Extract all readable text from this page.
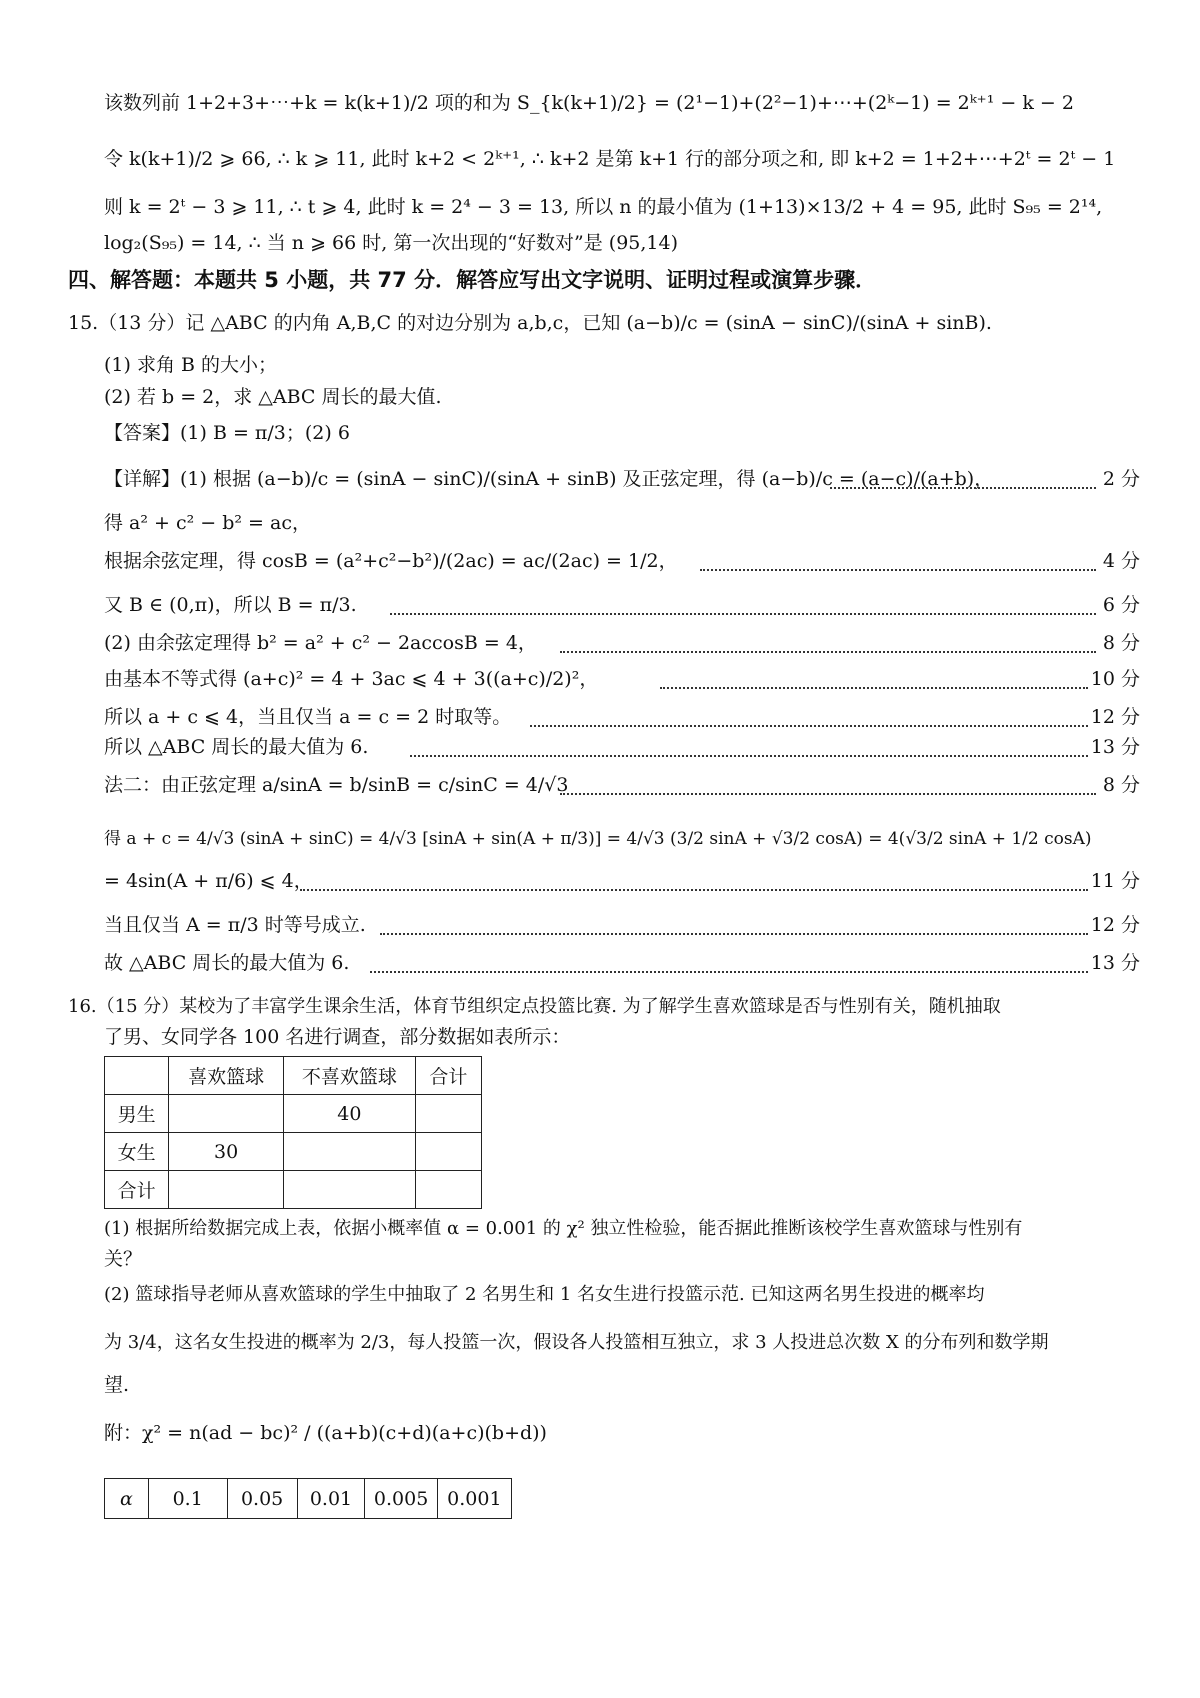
该数列前 1+2+3+⋯+k = k(k+1)/2 项的和为 S_{k(k+1)/2} = (2¹−1)+(2²−1)+⋯+(2ᵏ−1) = 2ᵏ⁺¹ − k − 2
令 k(k+1)/2 ⩾ 66, ∴ k ⩾ 11, 此时 k+2 < 2ᵏ⁺¹, ∴ k+2 是第 k+1 行的部分项之和, 即 k+2 = 1+2+⋯+2ᵗ = 2ᵗ − 1
则 k = 2ᵗ − 3 ⩾ 11, ∴ t ⩾ 4, 此时 k = 2⁴ − 3 = 13, 所以 n 的最小值为 (1+13)×13/2 + 4 = 95, 此时 S₉₅ = 2¹⁴,
log₂(S₉₅) = 14, ∴ 当 n ⩾ 66 时, 第一次出现的“好数对”是 (95,14)
四、解答题：本题共 5 小题，共 77 分．解答应写出文字说明、证明过程或演算步骤．
15.（13 分）记 △ABC 的内角 A,B,C 的对边分别为 a,b,c，已知 (a−b)/c = (sinA − sinC)/(sinA + sinB).
(1) 求角 B 的大小；
(2) 若 b = 2，求 △ABC 周长的最大值.
【答案】(1) B = π/3；(2) 6
【详解】(1) 根据 (a−b)/c = (sinA − sinC)/(sinA + sinB) 及正弦定理，得 (a−b)/c = (a−c)/(a+b)，	2 分
得 a² + c² − b² = ac，
根据余弦定理，得 cosB = (a²+c²−b²)/(2ac) = ac/(2ac) = 1/2，	4 分
又 B ∈ (0,π)，所以 B = π/3.	6 分
(2) 由余弦定理得 b² = a² + c² − 2accosB = 4，	8 分
由基本不等式得 (a+c)² = 4 + 3ac ⩽ 4 + 3((a+c)/2)²，	10 分
所以 a + c ⩽ 4，当且仅当 a = c = 2 时取等。	12 分
所以 △ABC 周长的最大值为 6.	13 分
法二：由正弦定理 a/sinA = b/sinB = c/sinC = 4/√3	8 分
得 a + c = 4/√3 (sinA + sinC) = 4/√3 [sinA + sin(A + π/3)] = 4/√3 (3/2 sinA + √3/2 cosA) = 4(√3/2 sinA + 1/2 cosA)
= 4sin(A + π/6) ⩽ 4，	11 分
当且仅当 A = π/3 时等号成立.	12 分
故 △ABC 周长的最大值为 6.	13 分
16.（15 分）某校为了丰富学生课余生活，体育节组织定点投篮比赛. 为了解学生喜欢篮球是否与性别有关，随机抽取
了男、女同学各 100 名进行调查，部分数据如表所示：
	喜欢篮球	不喜欢篮球	合计
男生		40	
女生	30		
合计			
(1) 根据所给数据完成上表，依据小概率值 α = 0.001 的 χ² 独立性检验，能否据此推断该校学生喜欢篮球与性别有
关？
(2) 篮球指导老师从喜欢篮球的学生中抽取了 2 名男生和 1 名女生进行投篮示范. 已知这两名男生投进的概率均
为 3/4，这名女生投进的概率为 2/3，每人投篮一次，假设各人投篮相互独立，求 3 人投进总次数 X 的分布列和数学期
望.
附：χ² = n(ad − bc)² / ((a+b)(c+d)(a+c)(b+d))
α	0.1	0.05	0.01	0.005	0.001
